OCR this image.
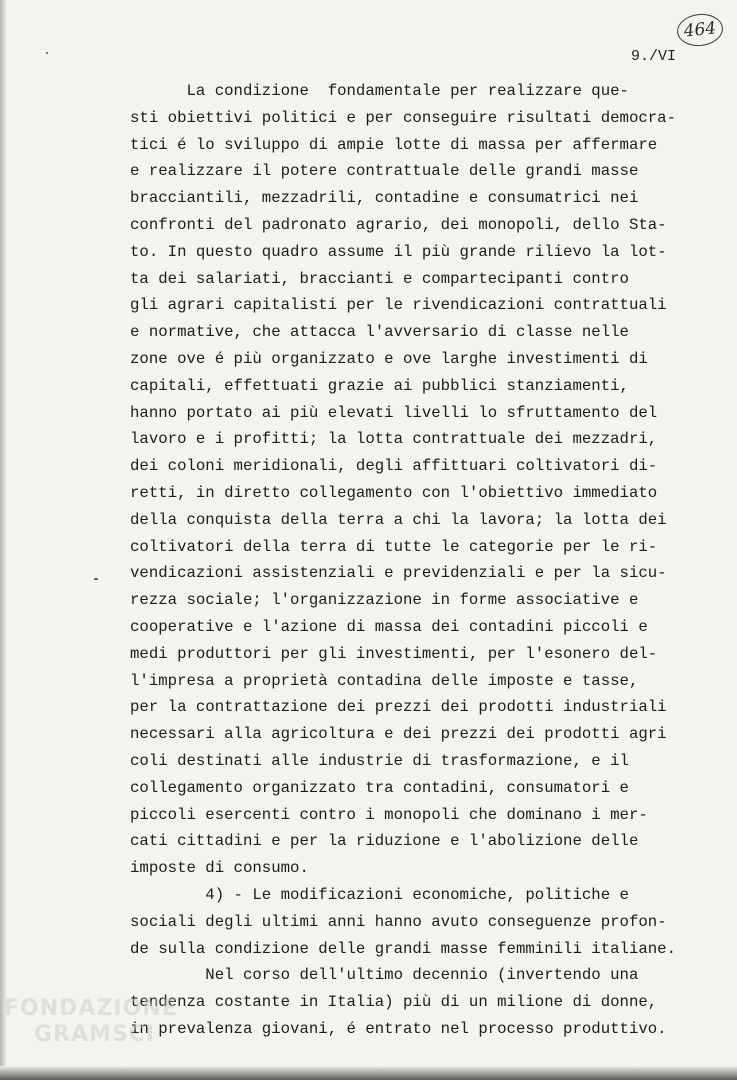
464
9./VI
La condizione  fondamentale per realizzare que-
sti obiettivi politici e per conseguire risultati democra-
tici é lo sviluppo di ampie lotte di massa per affermare
e realizzare il potere contrattuale delle grandi masse
bracciantili, mezzadrili, contadine e consumatrici nei
confronti del padronato agrario, dei monopoli, dello Sta-
to. In questo quadro assume il più grande rilievo la lot-
ta dei salariati, braccianti e compartecipanti contro
gli agrari capitalisti per le rivendicazioni contrattuali
e normative, che attacca l'avversario di classe nelle
zone ove é più organizzato e ove larghe investimenti di
capitali, effettuati grazie ai pubblici stanziamenti,
hanno portato ai più elevati livelli lo sfruttamento del
lavoro e i profitti; la lotta contrattuale dei mezzadri,
dei coloni meridionali, degli affittuari coltivatori di-
retti, in diretto collegamento con l'obiettivo immediato
della conquista della terra a chi la lavora; la lotta dei
coltivatori della terra di tutte le categorie per le ri-
vendicazioni assistenziali e previdenziali e per la sicu-
rezza sociale; l'organizzazione in forme associative e
cooperative e l'azione di massa dei contadini piccoli e
medi produttori per gli investimenti, per l'esonero del-
l'impresa a proprietà contadina delle imposte e tasse,
per la contrattazione dei prezzi dei prodotti industriali
necessari alla agricoltura e dei prezzi dei prodotti agri
coli destinati alle industrie di trasformazione, e il
collegamento organizzato tra contadini, consumatori e
piccoli esercenti contro i monopoli che dominano i mer-
cati cittadini e per la riduzione e l'abolizione delle
imposte di consumo.
4) - Le modificazioni economiche, politiche e
sociali degli ultimi anni hanno avuto conseguenze profon-
de sulla condizione delle grandi masse femminili italiane.
Nel corso dell'ultimo decennio (invertendo una
tendenza costante in Italia) più di un milione di donne,
in prevalenza giovani, é entrato nel processo produttivo.
FONDAZIONE
GRAMSCI
